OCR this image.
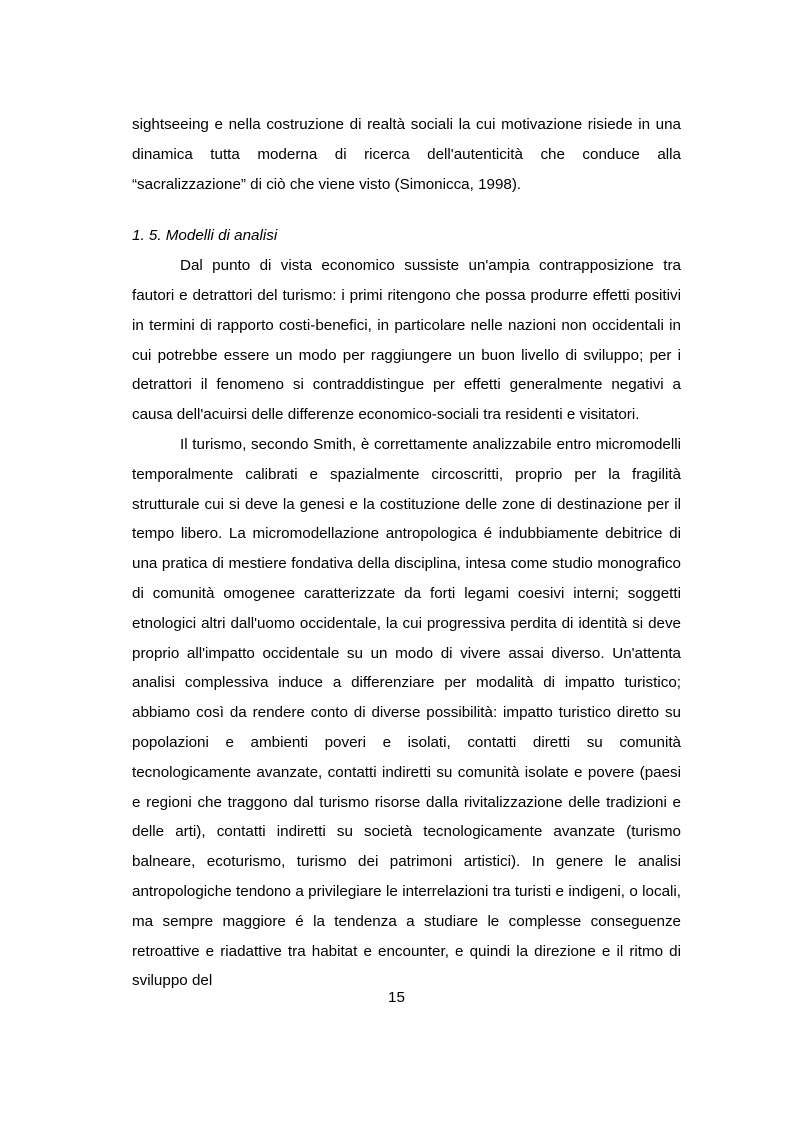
sightseeing e nella costruzione di realtà sociali la cui motivazione risiede in una dinamica tutta moderna di ricerca dell'autenticità che conduce alla “sacralizzazione” di ciò che viene visto (Simonicca, 1998).

1. 5. Modelli di analisi

Dal punto di vista economico sussiste un'ampia contrapposizione tra fautori e detrattori del turismo: i primi ritengono che possa produrre effetti positivi in termini di rapporto costi-benefici, in particolare nelle nazioni non occidentali in cui potrebbe essere un modo per raggiungere un buon livello di sviluppo; per i detrattori il fenomeno si contraddistingue per effetti generalmente negativi a causa dell'acuirsi delle differenze economico-sociali tra residenti e visitatori.

Il turismo, secondo Smith, è correttamente analizzabile entro micromodelli temporalmente calibrati e spazialmente circoscritti, proprio per la fragilità strutturale cui si deve la genesi e la costituzione delle zone di destinazione per il tempo libero. La micromodellazione antropologica é indubbiamente debitrice di una pratica di mestiere fondativa della disciplina, intesa come studio monografico di comunità omogenee caratterizzate da forti legami coesivi interni; soggetti etnologici altri dall'uomo occidentale, la cui progressiva perdita di identità si deve proprio all'impatto occidentale su un modo di vivere assai diverso. Un'attenta analisi complessiva induce a differenziare per modalità di impatto turistico; abbiamo così da rendere conto di diverse possibilità: impatto turistico diretto su popolazioni e ambienti poveri e isolati, contatti diretti su comunità tecnologicamente avanzate, contatti indiretti su comunità isolate e povere (paesi e regioni che traggono dal turismo risorse dalla rivitalizzazione delle tradizioni e delle arti), contatti indiretti su società tecnologicamente avanzate (turismo balneare, ecoturismo, turismo dei patrimoni artistici). In genere le analisi antropologiche tendono a privilegiare le interrelazioni tra turisti e indigeni, o locali, ma sempre maggiore é la tendenza a studiare le complesse conseguenze retroattive e riadattive tra habitat e encounter, e quindi la direzione e il ritmo di sviluppo del

15
